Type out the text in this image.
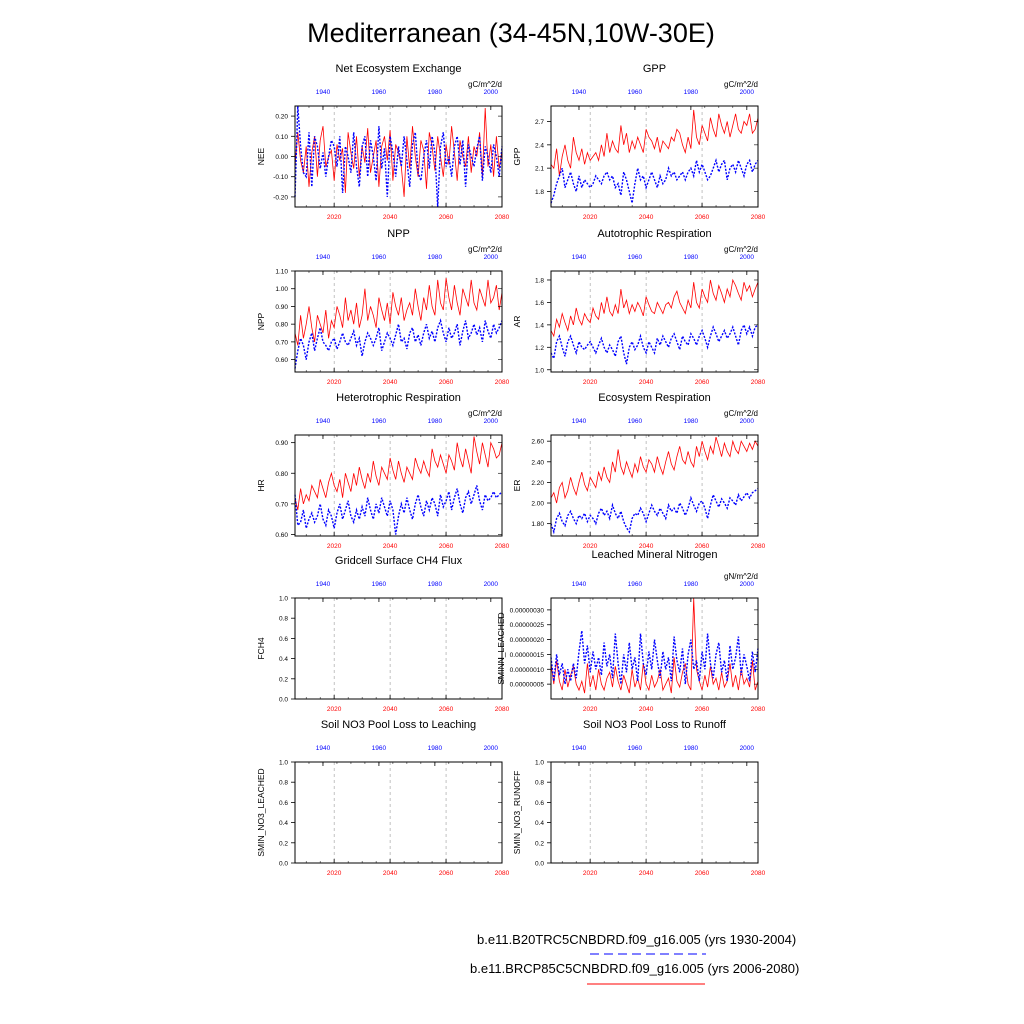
Mediterranean (34-45N,10W-30E)
Net Ecosystem Exchange
gC/m^2/d
-0.20
-0.10
0.00
0.10
0.20
NEE
2020	2040	2060	2080
1940	1960	1980	2000
GPP
gC/m^2/d
1.8
2.1
2.4
2.7
GPP
2020	2040	2060	2080
1940	1960	1980	2000
NPP
gC/m^2/d
0.60
0.70
0.80
0.90
1.00
1.10
NPP
2020	2040	2060	2080
1940	1960	1980	2000
Autotrophic Respiration
gC/m^2/d
1.0
1.2
1.4
1.6
1.8
AR
2020	2040	2060	2080
1940	1960	1980	2000
Heterotrophic Respiration
gC/m^2/d
0.60
0.70
0.80
0.90
HR
2020	2040	2060	2080
1940	1960	1980	2000
Ecosystem Respiration
gC/m^2/d
1.80
2.00
2.20
2.40
2.60
ER
2020	2040	2060	2080
1940	1960	1980	2000
Gridcell Surface CH4 Flux
0.0
0.2
0.4
0.6
0.8
1.0
FCH4
2020	2040	2060	2080
1940	1960	1980	2000
Leached Mineral Nitrogen
gN/m^2/d
0.00000005
0.00000010
0.00000015
0.00000020
0.00000025
0.00000030
SMINN_LEACHED
2020	2040	2060	2080
1940	1960	1980	2000
Soil NO3 Pool Loss to Leaching
0.0
0.2
0.4
0.6
0.8
1.0
SMIN_NO3_LEACHED
2020	2040	2060	2080
1940	1960	1980	2000
Soil NO3 Pool Loss to Runoff
0.0
0.2
0.4
0.6
0.8
1.0
SMIN_NO3_RUNOFF
2020	2040	2060	2080
1940	1960	1980	2000
b.e11.B20TRC5CNBDRD.f09_g16.005 (yrs 1930-2004)
b.e11.BRCP85C5CNBDRD.f09_g16.005 (yrs 2006-2080)
